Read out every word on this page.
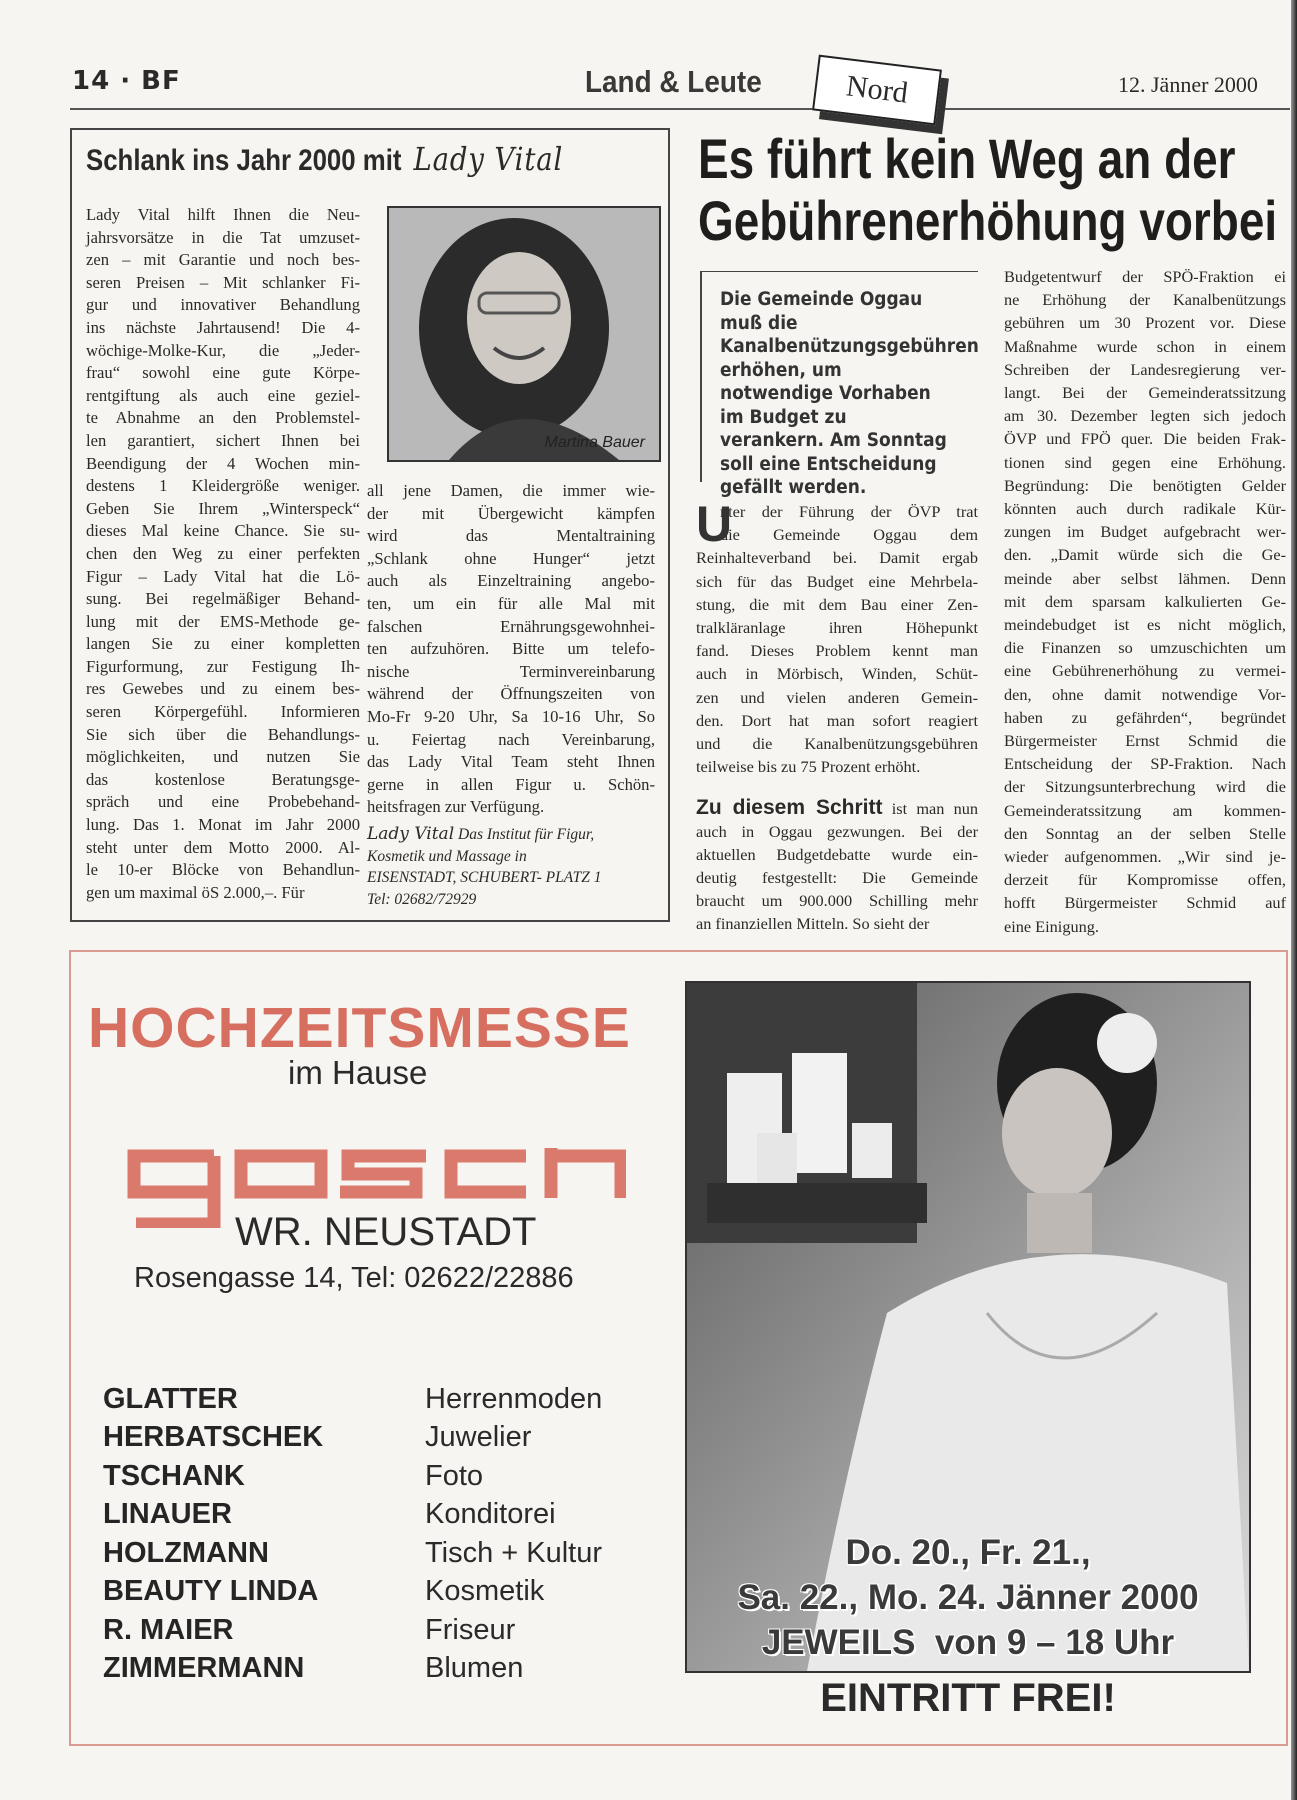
14 · BF	Land & Leute	12. Jänner 2000
Nord
Schlank ins Jahr 2000 mit Lady Vital
Martina Bauer
Lady Vital hilft Ihnen die Neu-
jahrsvorsätze in die Tat umzuset-
zen – mit Garantie und noch bes-
seren Preisen – Mit schlanker Fi-
gur und innovativer Behandlung
ins nächste Jahrtausend! Die 4-
wöchige-Molke-Kur, die „Jeder-
frau“ sowohl eine gute Körpe-
rentgiftung als auch eine geziel-
te Abnahme an den Problemstel-
len garantiert, sichert Ihnen bei
Beendigung der 4 Wochen min-
destens 1 Kleidergröße weniger.
Geben Sie Ihrem „Winterspeck“
dieses Mal keine Chance. Sie su-
chen den Weg zu einer perfekten
Figur – Lady Vital hat die Lö-
sung. Bei regelmäßiger Behand-
lung mit der EMS-Methode ge-
langen Sie zu einer kompletten
Figurformung, zur Festigung Ih-
res Gewebes und zu einem bes-
seren Körpergefühl. Informieren
Sie sich über die Behandlungs-
möglichkeiten, und nutzen Sie
das kostenlose Beratungsge-
spräch und eine Probebehand-
lung. Das 1. Monat im Jahr 2000
steht unter dem Motto 2000. Al-
le 10-er Blöcke von Behandlun-
gen um maximal öS 2.000,–. Für
all jene Damen, die immer wie-
der mit Übergewicht kämpfen
wird das Mentaltraining
„Schlank ohne Hunger“ jetzt
auch als Einzeltraining angebo-
ten, um ein für alle Mal mit
falschen Ernährungsgewohnhei-
ten aufzuhören. Bitte um telefo-
nische Terminvereinbarung
während der Öffnungszeiten von
Mo-Fr 9-20 Uhr, Sa 10-16 Uhr, So
u. Feiertag nach Vereinbarung,
das Lady Vital Team steht Ihnen
gerne in allen Figur u. Schön-
heitsfragen zur Verfügung.
Lady Vital Das Institut für Figur,
Kosmetik und Massage in
EISENSTADT, SCHUBERT- PLATZ 1
Tel: 02682/72929
Es führt kein Weg an der
Gebührenerhöhung vorbei
Die Gemeinde Oggau muß die Kanalbenützungsgebühren erhöhen, um notwendige Vorhaben im Budget zu verankern. Am Sonntag soll eine Entscheidung gefällt werden.
U
nter der Führung der ÖVP trat
die Gemeinde Oggau dem
Reinhalteverband bei. Damit ergab
sich für das Budget eine Mehrbela-
stung, die mit dem Bau einer Zen-
tralkläranlage ihren Höhepunkt
fand. Dieses Problem kennt man
auch in Mörbisch, Winden, Schüt-
zen und vielen anderen Gemein-
den. Dort hat man sofort reagiert
und die Kanalbenützungsgebühren
teilweise bis zu 75 Prozent erhöht.
Zu diesem Schritt ist man nun
auch in Oggau gezwungen. Bei der
aktuellen Budgetdebatte wurde ein-
deutig festgestellt: Die Gemeinde
braucht um 900.000 Schilling mehr
an finanziellen Mitteln. So sieht der
Budgetentwurf der SPÖ-Fraktion ei
ne Erhöhung der Kanalbenützungs
gebühren um 30 Prozent vor. Diese
Maßnahme wurde schon in einem
Schreiben der Landesregierung ver-
langt. Bei der Gemeinderatssitzung
am 30. Dezember legten sich jedoch
ÖVP und FPÖ quer. Die beiden Frak-
tionen sind gegen eine Erhöhung.
Begründung: Die benötigten Gelder
könnten auch durch radikale Kür-
zungen im Budget aufgebracht wer-
den. „Damit würde sich die Ge-
meinde aber selbst lähmen. Denn
mit dem sparsam kalkulierten Ge-
meindebudget ist es nicht möglich,
die Finanzen so umzuschichten um
eine Gebührenerhöhung zu vermei-
den, ohne damit notwendige Vor-
haben zu gefährden“, begründet
Bürgermeister Ernst Schmid die
Entscheidung der SP-Fraktion. Nach
der Sitzungsunterbrechung wird die
Gemeinderatssitzung am kommen-
den Sonntag an der selben Stelle
wieder aufgenommen. „Wir sind je-
derzeit für Kompromisse offen,
hofft Bürgermeister Schmid auf
eine Einigung.
HOCHZEITSMESSE
im Hause
gosch
WR. NEUSTADT
Rosengasse 14, Tel: 02622/22886
GLATTER	Herrenmoden
HERBATSCHEK	Juwelier
TSCHANK	Foto
LINAUER	Konditorei
HOLZMANN	Tisch + Kultur
BEAUTY LINDA	Kosmetik
R. MAIER	Friseur
ZIMMERMANN	Blumen
Do. 20., Fr. 21.,
Sa. 22., Mo. 24. Jänner 2000
JEWEILS  von 9 – 18 Uhr
EINTRITT FREI!
